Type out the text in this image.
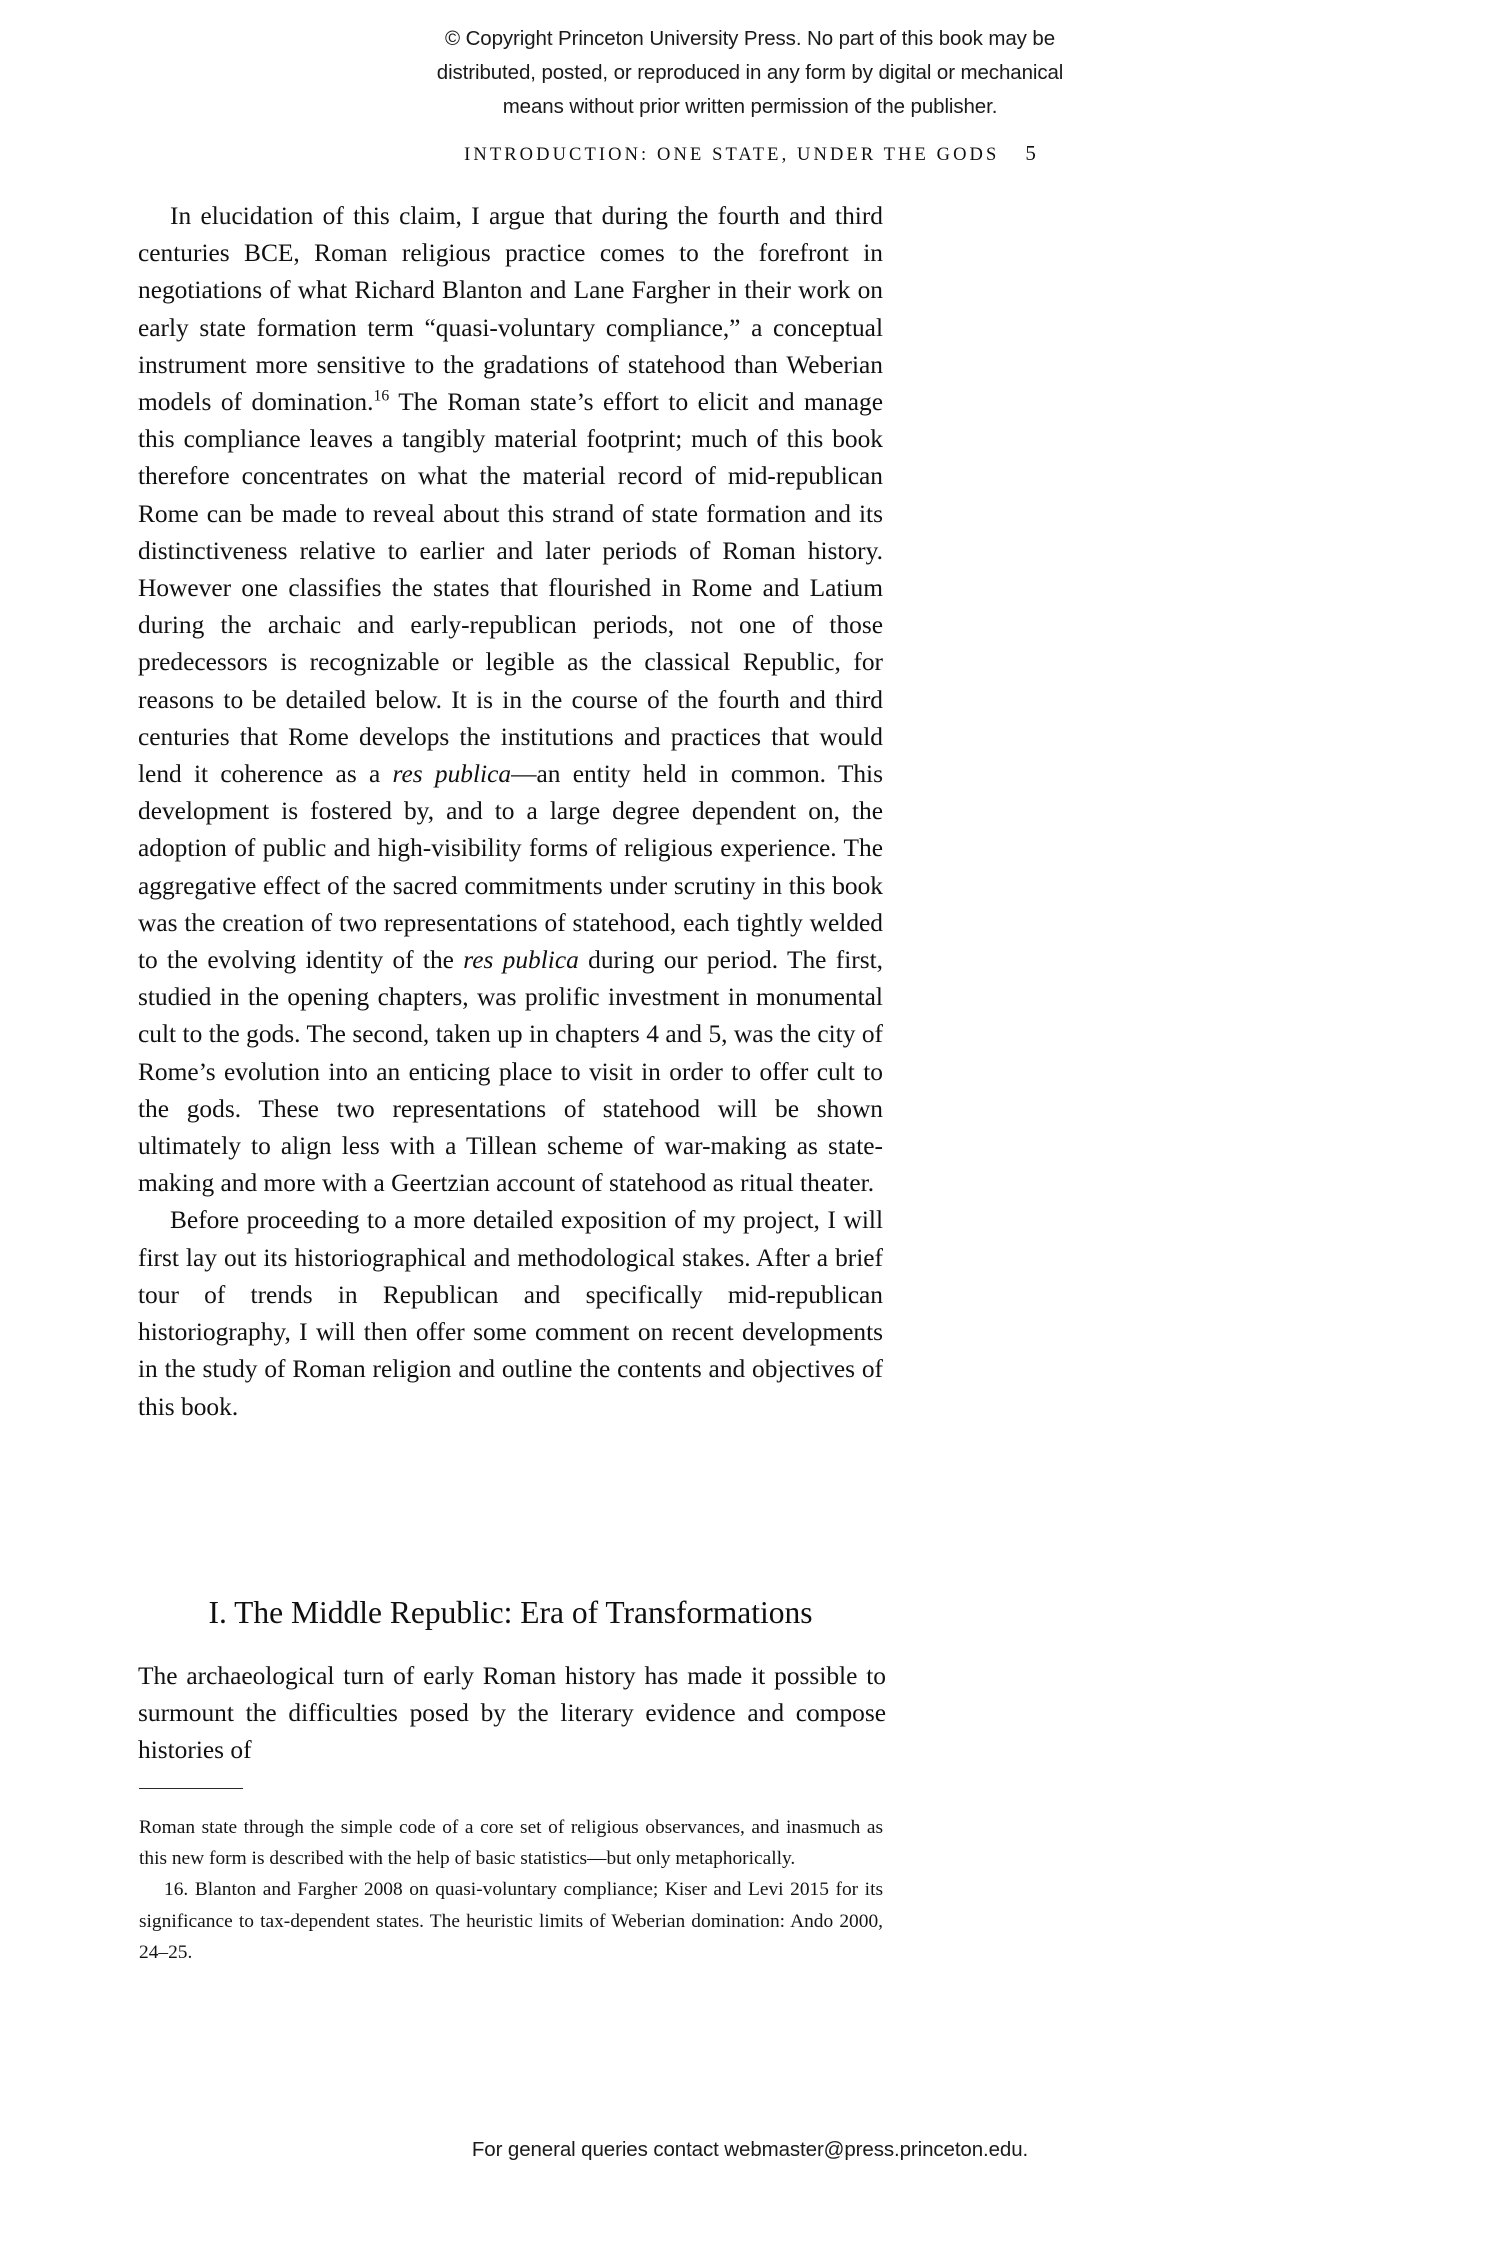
© Copyright Princeton University Press. No part of this book may be
distributed, posted, or reproduced in any form by digital or mechanical
means without prior written permission of the publisher.
INTRODUCTION: ONE STATE, UNDER THE GODS 5

In elucidation of this claim, I argue that during the fourth and third centuries BCE, Roman religious practice comes to the forefront in negotiations of what Richard Blanton and Lane Fargher in their work on early state formation term “quasi-voluntary compliance,” a conceptual instrument more sensitive to the gradations of statehood than Weberian models of domination.$^{16}$ The Roman state’s effort to elicit and manage this compliance leaves a tangibly material footprint; much of this book therefore concentrates on what the material record of mid-republican Rome can be made to reveal about this strand of state formation and its distinctiveness relative to earlier and later periods of Roman history. However one classifies the states that flourished in Rome and Latium during the archaic and early-republican periods, not one of those predecessors is recognizable or legible as the classical Republic, for reasons to be detailed below. It is in the course of the fourth and third centuries that Rome develops the institutions and practices that would lend it coherence as a res publica—an entity held in common. This development is fostered by, and to a large degree dependent on, the adoption of public and high-visibility forms of religious experience. The aggregative effect of the sacred commitments under scrutiny in this book was the creation of two representations of statehood, each tightly welded to the evolving identity of the res publica during our period. The first, studied in the opening chapters, was prolific investment in monumental cult to the gods. The second, taken up in chapters 4 and 5, was the city of Rome’s evolution into an enticing place to visit in order to offer cult to the gods. These two representations of statehood will be shown ultimately to align less with a Tillean scheme of war-making as state-making and more with a Geertzian account of statehood as ritual theater.

Before proceeding to a more detailed exposition of my project, I will first lay out its historiographical and methodological stakes. After a brief tour of trends in Republican and specifically mid-republican historiography, I will then offer some comment on recent developments in the study of Roman religion and outline the contents and objectives of this book.

I. The Middle Republic: Era of Transformations

The archaeological turn of early Roman history has made it possible to surmount the difficulties posed by the literary evidence and compose histories of

Roman state through the simple code of a core set of religious observances, and inasmuch as this new form is described with the help of basic statistics—but only metaphorically.

16. Blanton and Fargher 2008 on quasi-voluntary compliance; Kiser and Levi 2015 for its significance to tax-dependent states. The heuristic limits of Weberian domination: Ando 2000, 24–25.

For general queries contact webmaster@press.princeton.edu.
